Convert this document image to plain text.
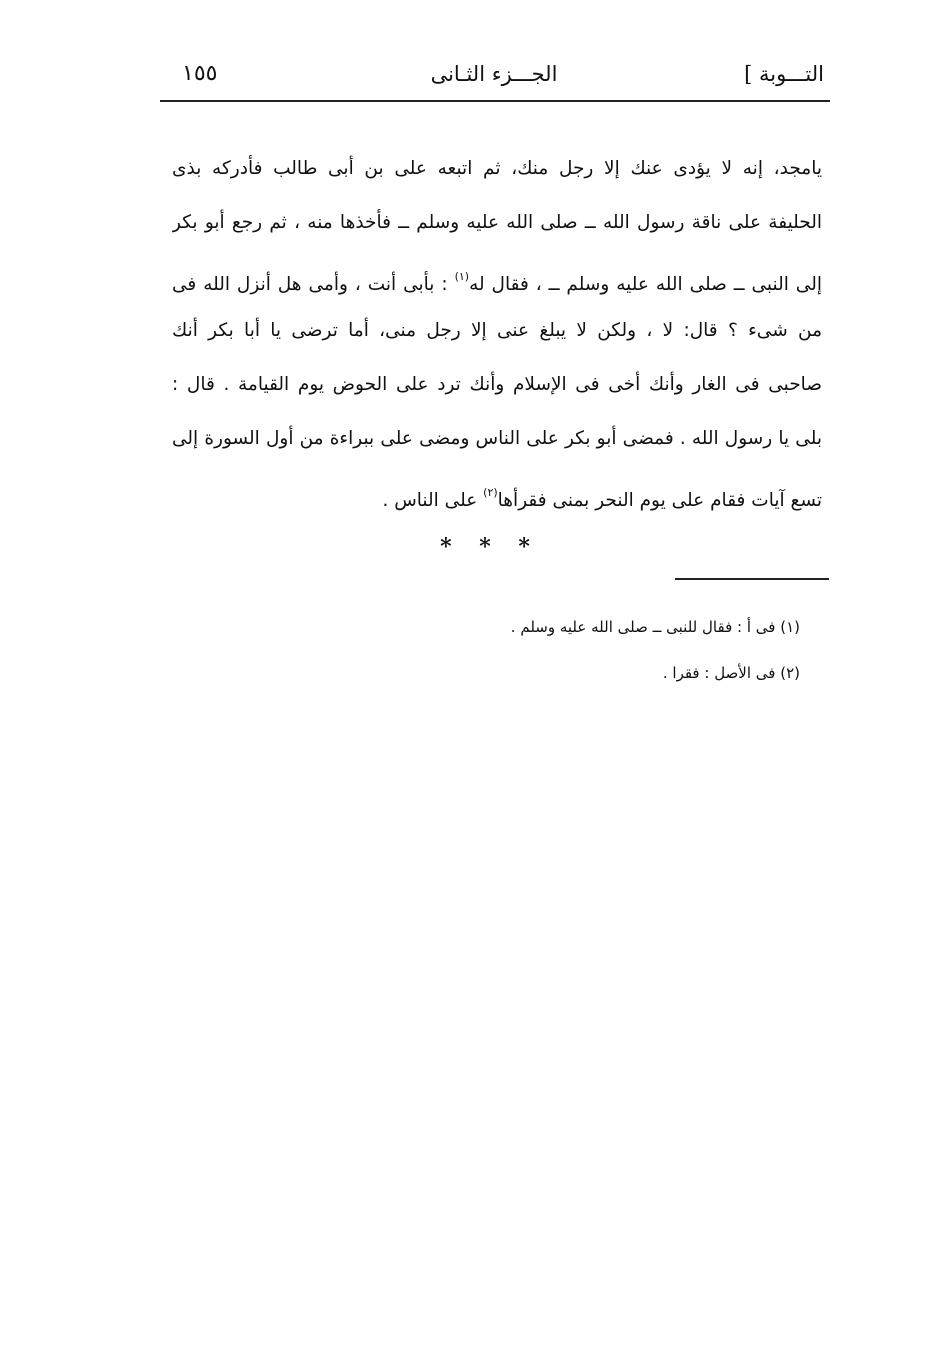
١٥٥	الجـــزء الثـانى	التـــوبة ]
يامجد، إنه لا يؤدى عنك إلا رجل منك، ثم اتبعه على بن أبى طالب فأدركه بذى
الحليفة على ناقة رسول الله ــ صلى الله عليه وسلم ــ فأخذها منه ، ثم رجع أبو بكر
إلى النبى ــ صلى الله عليه وسلم ــ ، فقال له$^{(١)}$ : بأبى أنت ، وأمى هل أنزل الله فى
من شىء ؟ قال: لا ، ولكن لا يبلغ عنى إلا رجل منى، أما ترضى يا أبا بكر أنك
صاحبى فى الغار وأنك أخى فى الإسلام وأنك ترد على الحوض يوم القيامة . قال :
بلى يا رسول الله . فمضى أبو بكر على الناس ومضى على ببراءة من أول السورة إلى
تسع آيات فقام على يوم النحر بمنى فقرأها$^{(٢)}$ على الناس .
* * *
(١) فى أ : فقال للنبى ــ صلى الله عليه وسلم .
(٢) فى الأصل : فقرا .
